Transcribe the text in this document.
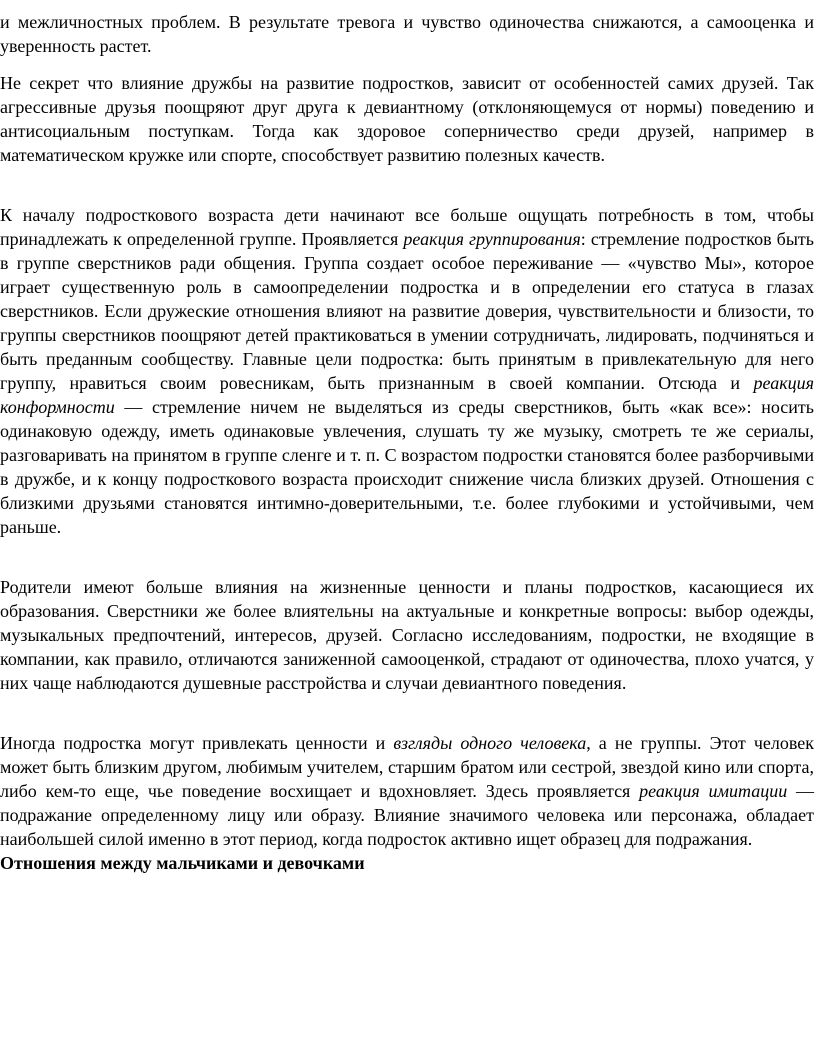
и межличностных проблем. В результате тревога и чувство одиночества снижаются, а самооценка и уверенность растет.

Не секрет что влияние дружбы на развитие подростков, зависит от особенностей самих друзей. Так агрессивные друзья поощряют друг друга к девиантному (отклоняющемуся от нормы) поведению и антисоциальным поступкам. Тогда как здоровое соперничество среди друзей, например в математическом кружке или спорте, способствует развитию полезных качеств.

К началу подросткового возраста дети начинают все больше ощущать потребность в том, чтобы принадлежать к определенной группе. Проявляется реакция группирования: стремление подростков быть в группе сверстников ради общения. Группа создает особое переживание — «чувство Мы», которое играет существенную роль в самоопределении подростка и в определении его статуса в глазах сверстников. Если дружеские отношения влияют на развитие доверия, чувствительности и близости, то группы сверстников поощряют детей практиковаться в умении сотрудничать, лидировать, подчиняться и быть преданным сообществу. Главные цели подростка: быть принятым в привлекательную для него группу, нравиться своим ровесникам, быть признанным в своей компании. Отсюда и реакция конформности — стремление ничем не выделяться из среды сверстников, быть «как все»: носить одинаковую одежду, иметь одинаковые увлечения, слушать ту же музыку, смотреть те же сериалы, разговаривать на принятом в группе сленге и т. п. С возрастом подростки становятся более разборчивыми в дружбе, и к концу подросткового возраста происходит снижение числа близких друзей. Отношения с близкими друзьями становятся интимно-доверительными, т.е. более глубокими и устойчивыми, чем раньше.

Родители имеют больше влияния на жизненные ценности и планы подростков, касающиеся их образования. Сверстники же более влиятельны на актуальные и конкретные вопросы: выбор одежды, музыкальных предпочтений, интересов, друзей. Согласно исследованиям, подростки, не входящие в компании, как правило, отличаются заниженной самооценкой, страдают от одиночества, плохо учатся, у них чаще наблюдаются душевные расстройства и случаи девиантного поведения.

Иногда подростка могут привлекать ценности и взгляды одного человека, а не группы. Этот человек может быть близким другом, любимым учителем, старшим братом или сестрой, звездой кино или спорта, либо кем-то еще, чье поведение восхищает и вдохновляет. Здесь проявляется реакция имитации — подражание определенному лицу или образу. Влияние значимого человека или персонажа, обладает наибольшей силой именно в этот период, когда подросток активно ищет образец для подражания.

Отношения между мальчиками и девочками
